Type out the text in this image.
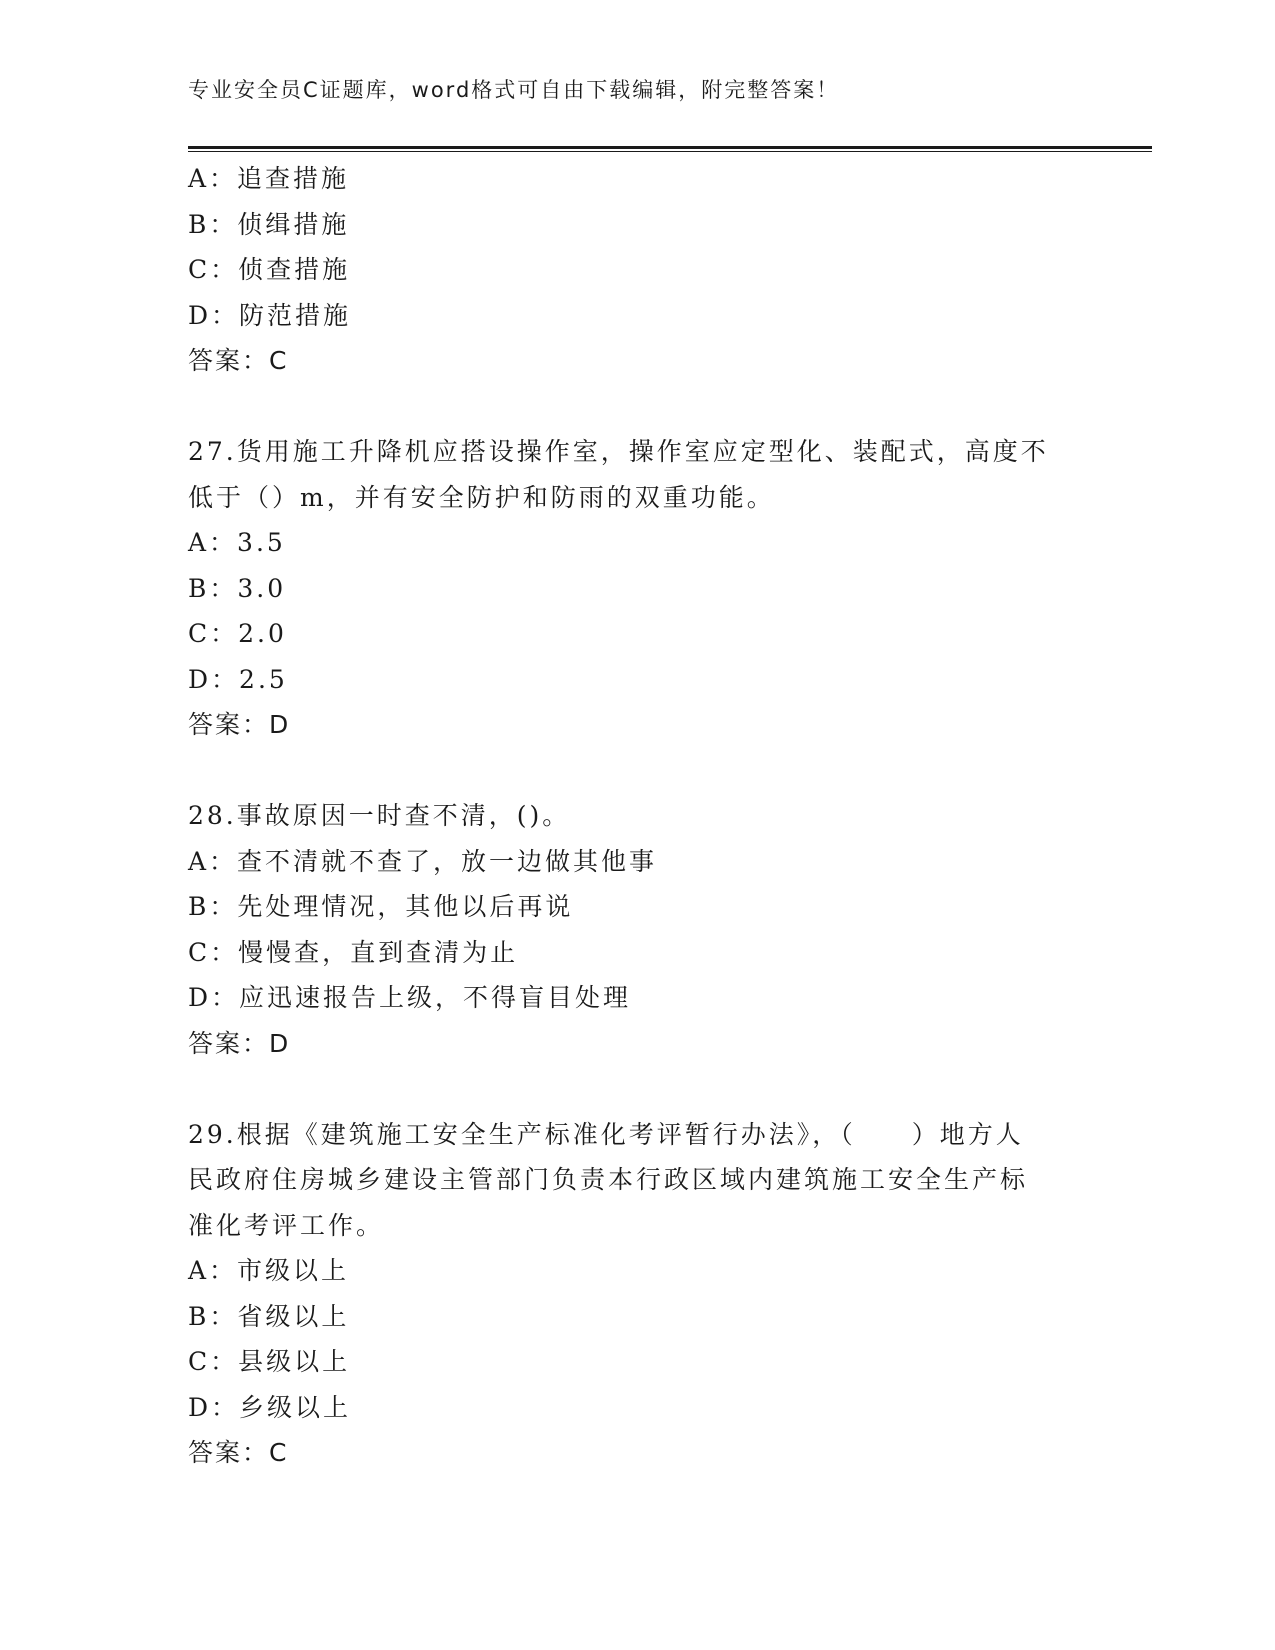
专业安全员C证题库，word格式可自由下载编辑，附完整答案！
A：追查措施
B：侦缉措施
C：侦查措施
D：防范措施
答案：C
27.货用施工升降机应搭设操作室，操作室应定型化、装配式，高度不
低于（）m，并有安全防护和防雨的双重功能。
A：3.5
B：3.0
C：2.0
D：2.5
答案：D
28.事故原因一时查不清，()。
A：查不清就不查了，放一边做其他事
B：先处理情况，其他以后再说
C：慢慢查，直到查清为止
D：应迅速报告上级，不得盲目处理
答案：D
29.根据《建筑施工安全生产标准化考评暂行办法》，（　　）地方人
民政府住房城乡建设主管部门负责本行政区域内建筑施工安全生产标
准化考评工作。
A：市级以上
B：省级以上
C：县级以上
D：乡级以上
答案：C
